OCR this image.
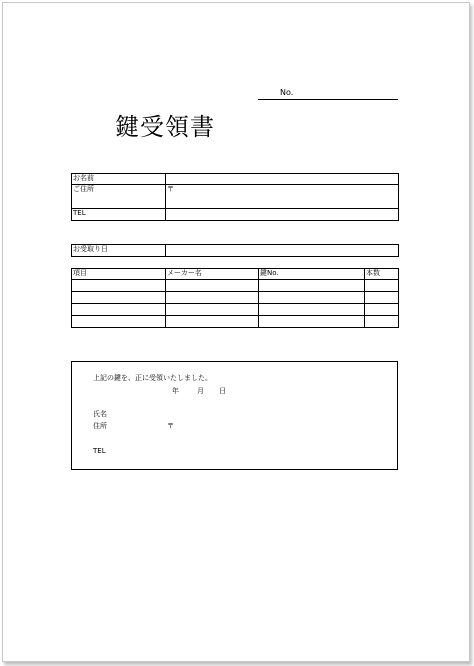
No.
鍵受領書
お名前	
ご住所	〒
TEL	
お受取り日	
項目	メーカー名	鍵No.	本数

上記の鍵を、正に受領いたしました。
年	月 日
氏名
住所	〒
TEL
